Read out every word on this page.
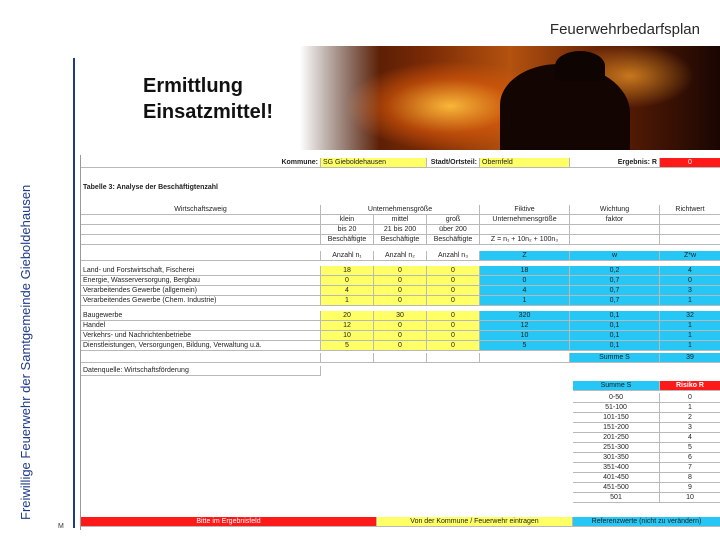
Feuerwehrbedarfsplan
Ermittlung
Einsatzmittel!
Freiwillige Feuerwehr der Samtgemeinde Gieboldehausen
M
Kommune: SG Gieboldehausen	Stadt/Ortsteil: Obernfeld	Ergebnis: R	0
Tabelle 3: Analyse der Beschäftigtenzahl
Wirtschaftszweig	Unternehmensgröße	Fiktive	Wichtung	Richtwert
klein	mittel	groß	Unternehmensgröße	faktor
bis 20	21 bis 200	über 200
Beschäftigte	Beschäftigte	Beschäftigte	Z = n₁ + 10n₂ + 100n₃
Anzahl n₁	Anzahl n₂	Anzahl n₃	Z	w	Z*w
Land- und Forstwirtschaft, Fischerei	18	0	0	18	0,2	4
Energie, Wasserversorgung, Bergbau	0	0	0	0	0,7	0
Verarbeitendes Gewerbe (allgemein)	4	0	0	4	0,7	3
Verarbeitendes Gewerbe (Chem. Industrie)	1	0	0	1	0,7	1
Baugewerbe	20	30	0	320	0,1	32
Handel	12	0	0	12	0,1	1
Verkehrs- und Nachrichtenbetriebe	10	0	0	10	0,1	1
Dienstleistungen, Versorgungen, Bildung, Verwaltung u.ä.	5	0	0	5	0,1	1
Summe S	39
Datenquelle: Wirtschaftsförderung
Summe S	Risiko R
0-50	0
51-100	1
101-150	2
151-200	3
201-250	4
251-300	5
301-350	6
351-400	7
401-450	8
451-500	9
501	10
Bitte im Ergebnisfeld	Von der Kommune / Feuerwehr eintragen	Referenzwerte (nicht zu verändern)
